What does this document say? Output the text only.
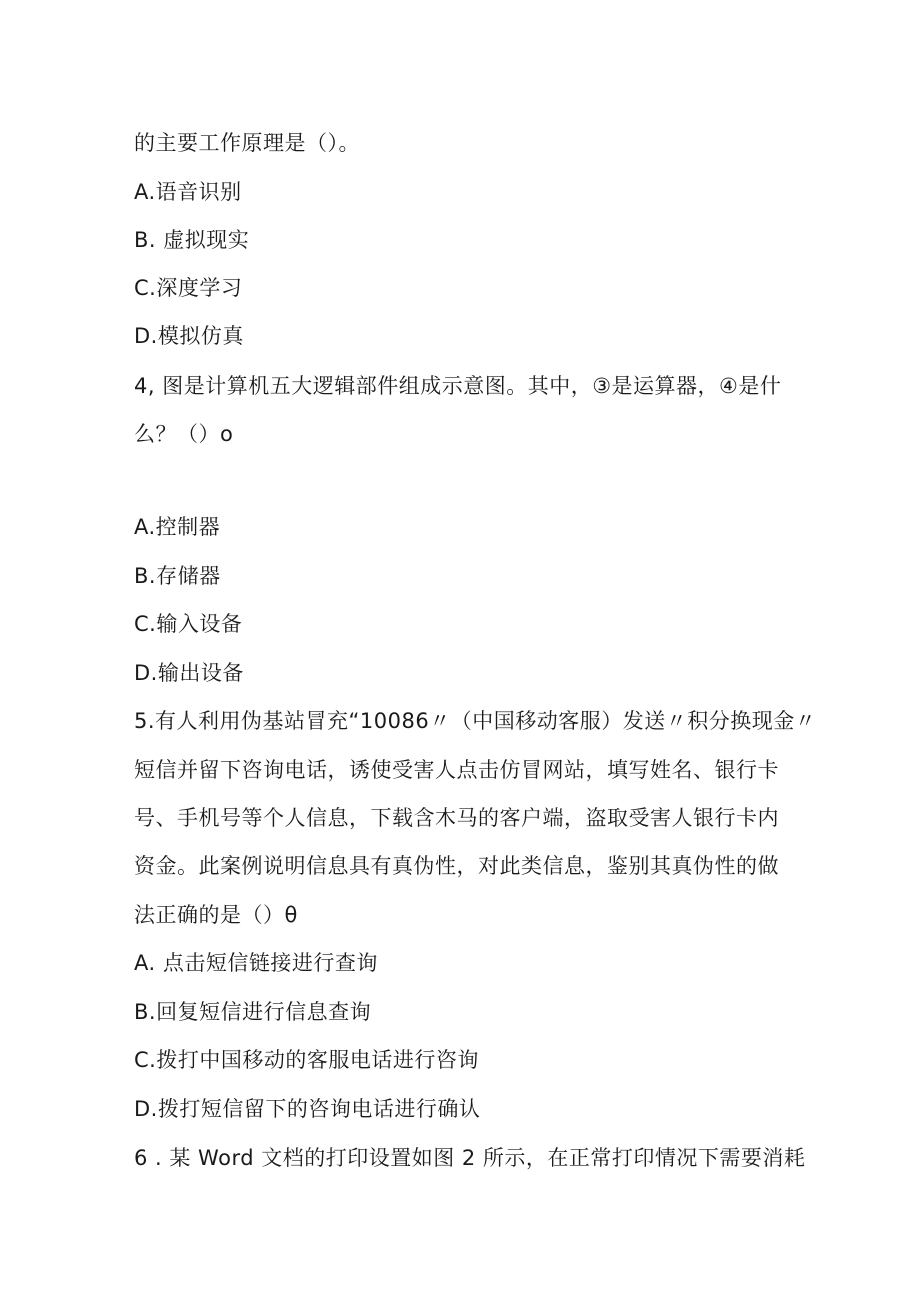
的主要工作原理是（）。
A.语音识别
B. 虚拟现实
C.深度学习
D.模拟仿真
4, 图是计算机五大逻辑部件组成示意图。其中，③是运算器，④是什
么？（）o
A.控制器
B.存储器
C.输入设备
D.输出设备
5.有人利用伪基站冒充“10086〃（中国移动客服）发送〃积分换现金〃
短信并留下咨询电话，诱使受害人点击仿冒网站，填写姓名、银行卡
号、手机号等个人信息，下载含木马的客户端，盗取受害人银行卡内
资金。此案例说明信息具有真伪性，对此类信息，鉴别其真伪性的做
法正确的是（）θ
A. 点击短信链接进行查询
B.回复短信进行信息查询
C.拨打中国移动的客服电话进行咨询
D.拨打短信留下的咨询电话进行确认
6 . 某 Word 文档的打印设置如图 2 所示，在正常打印情况下需要消耗
